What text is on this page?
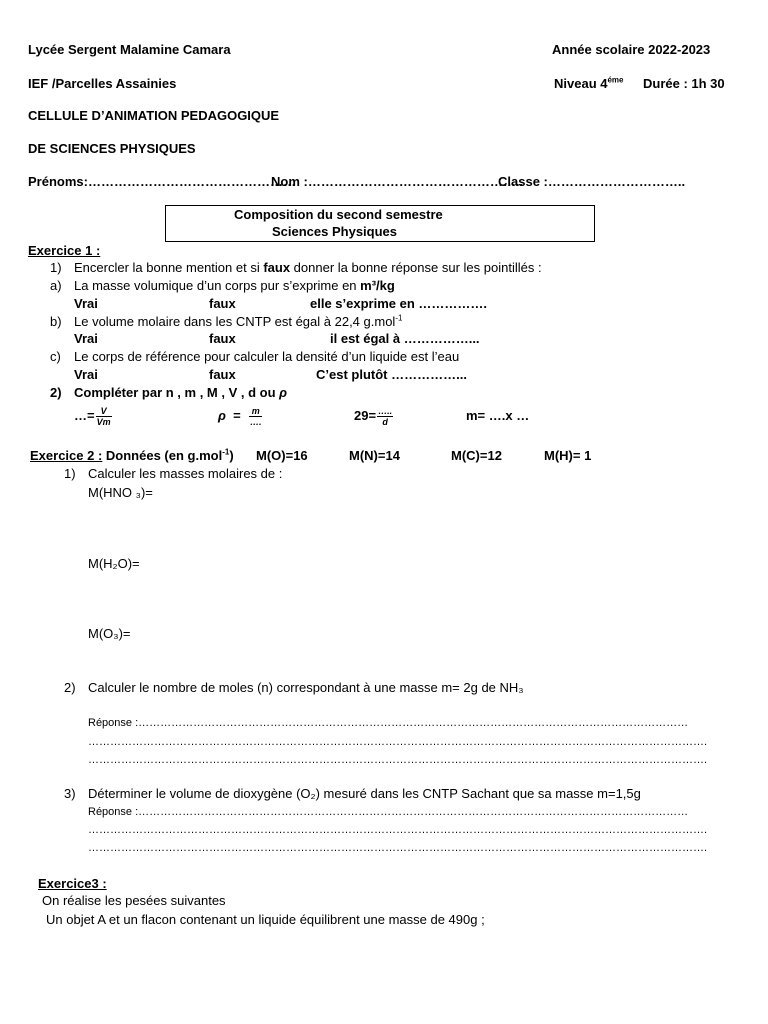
Lycée Sergent Malamine Camara	Année scolaire 2022-2023
IEF /Parcelles Assainies	Niveau $4^{éme}$ Durée : 1h 30
CELLULE D’ANIMATION PEDAGOGIQUE
DE SCIENCES PHYSIQUES
Prénoms:…………………………………………
Nom :…………………………………………..
Classe :…………………………..
Composition du second semestre
Sciences Physiques
Exercice 1 :
1) Encercler la bonne mention et si faux donner la bonne réponse sur les pointillés :
a) La masse volumique d’un corps pur s’exprime en m³/kg
Vrai	faux	elle s’exprime en …………….
b) Le volume molaire dans les CNTP est égal à 22,4 g.mol$^{-1}$
Vrai	faux	il est égal à ……………...
c) Le corps de référence pour calculer la densité d’un liquide est l’eau
Vrai	faux	C’est plutôt ……………...
2) Compléter par n , m , M , V , d ou ρ
…= $\frac{V}{Vm}$	$\rho = \frac{m}{\dots.}$	$29= \frac{\dots..}{d}$	m= ….x …
Exercice 2 : Données (en g.mol$^{-1}$) M(O)=16	M(N)=14	M(C)=12	M(H)= 1
1) Calculer les masses molaires de :
M(HNO ₃)=
M(H₂O)=
M(O₃)=
2) Calculer le nombre de moles (n) correspondant à une masse m= 2g de NH₃
Réponse :……………………………………………………………………………………………………………………………………
…………………………………………………………………………………………………………………………………………………….
…………………………………………………………………………………………………………………………………………………….
3) Déterminer le volume de dioxygène (O₂) mesuré dans les CNTP Sachant que sa masse m=1,5g
Réponse :……………………………………………………………………………………………………………………………………
…………………………………………………………………………………………………………………………………………………….
…………………………………………………………………………………………………………………………………………………….
Exercice3 :
On réalise les pesées suivantes
Un objet A et un flacon contenant un liquide équilibrent une masse de 490g ;
